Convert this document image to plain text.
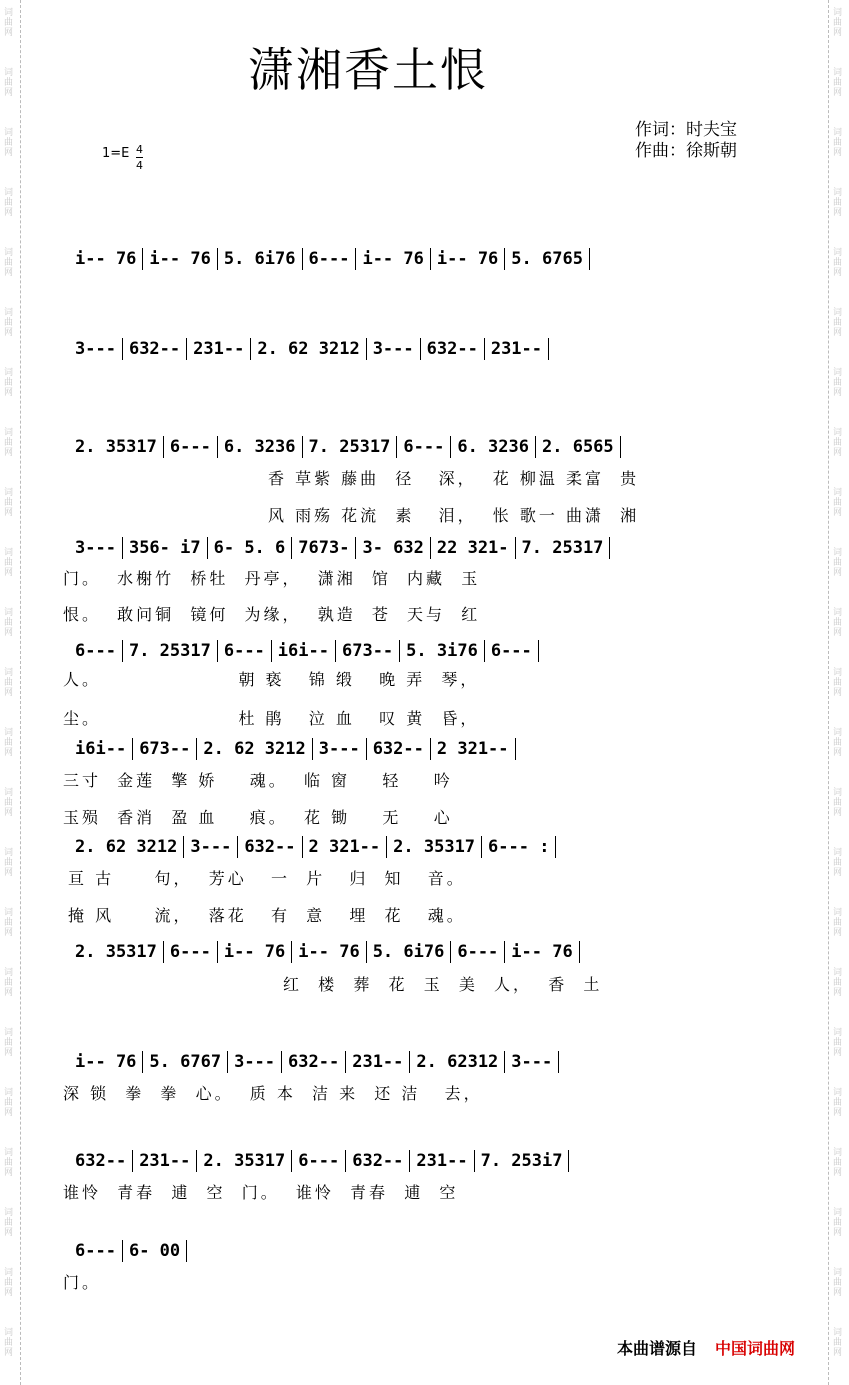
词曲网
词曲网
词曲网
词曲网
词曲网
词曲网
词曲网
词曲网
词曲网
词曲网
词曲网
词曲网
词曲网
词曲网
词曲网
词曲网
词曲网
词曲网
词曲网
词曲网
词曲网
词曲网
词曲网
词曲网
词曲网
词曲网
词曲网
词曲网
词曲网
词曲网
词曲网
词曲网
词曲网
词曲网
词曲网
词曲网
词曲网
词曲网
词曲网
词曲网
词曲网
词曲网
词曲网
词曲网
词曲网
词曲网
潇湘香土恨
作词：时夫宝
作曲：徐斯朝
1=E 4
4
i-- 76 i-- 76 5. 6i76 6--- i-- 76 i-- 76 5. 6765
3--- 632-- 231-- 2. 62 3212 3--- 632-- 231--
2. 35317 6--- 6. 3236 7. 25317 6--- 6. 3236 2. 6565
3--- 356- i7 6- 5. 6 7673- 3- 632 22 321- 7. 25317
6--- 7. 25317 6--- i6i-- 673-- 5. 3i76 6---
i6i-- 673-- 2. 62 3212 3--- 632-- 2 321--
2. 62 3212 3--- 632-- 2 321-- 2. 35317 6--- :
2. 35317 6--- i-- 76 i-- 76 5. 6i76 6--- i-- 76
i-- 76 5. 6767 3--- 632-- 231-- 2. 62312 3---
632-- 231-- 2. 35317 6--- 632-- 231-- 7. 253i7
6--- 6- 00
香 草紫 藤曲  径   深，  花 柳温 柔富  贵
风 雨殇 花流  素   泪，  怅 歌一 曲潇  湘
门。  水榭竹  桥牡  丹亭，  潇湘  馆  内藏  玉
恨。  敢问铜  镜何  为缘，  孰造  苍  天与  红
人。                 朝 亵   锦 缎   晚 弄  琴，
尘。                 杜 鹃   泣 血   叹 黄  昏，
三寸  金莲  擎 娇    魂。  临 窗    轻    吟
玉殒  香消  盈 血    痕。  花 锄    无    心
亘 古     句，  芳心   一  片   归  知   音。
掩 风     流，  落花   有  意   埋  花   魂。
红  楼  葬  花  玉  美  人，  香  土
深 锁  拳  拳  心。  质 本  洁 来  还 洁   去，
谁怜  青春  逋  空  门。  谁怜  青春  逋  空
门。
本曲谱源自 中国词曲网
